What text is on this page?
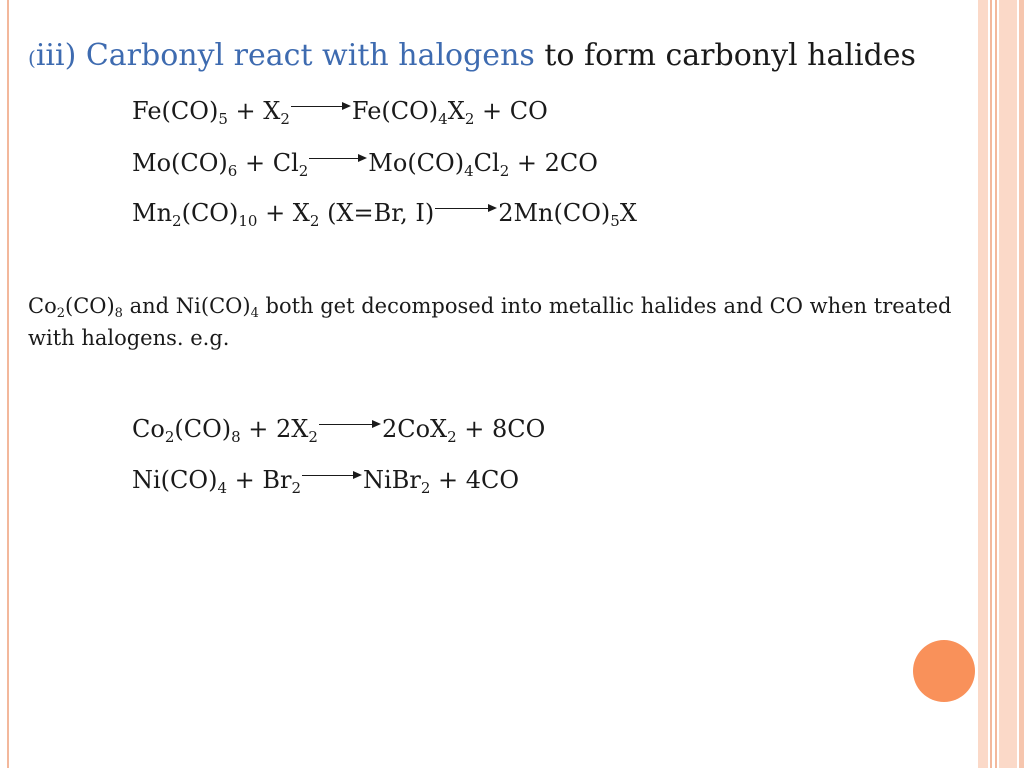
(iii) Carbonyl react with halogens to form carbonyl halides
$Fe(CO)_5 + X_2$	$Fe(CO)_4X_2$ + CO
$Mo(CO)_6 + Cl_2$	$Mo(CO)_4Cl_2 + 2CO$
$Mn_2(CO)_{10} + X_2$ (X=Br, I)	$2Mn(CO)_5X$
$Co_2(CO)_8$ and $Ni(CO)_4$ both get decomposed into metallic halides and CO when treated with halogens. e.g.
$Co_2(CO)_8 + 2X_2$	2CoX$_2$ + 8CO
$Ni(CO)_4 + Br_2$	NiBr$_2$ + 4CO
